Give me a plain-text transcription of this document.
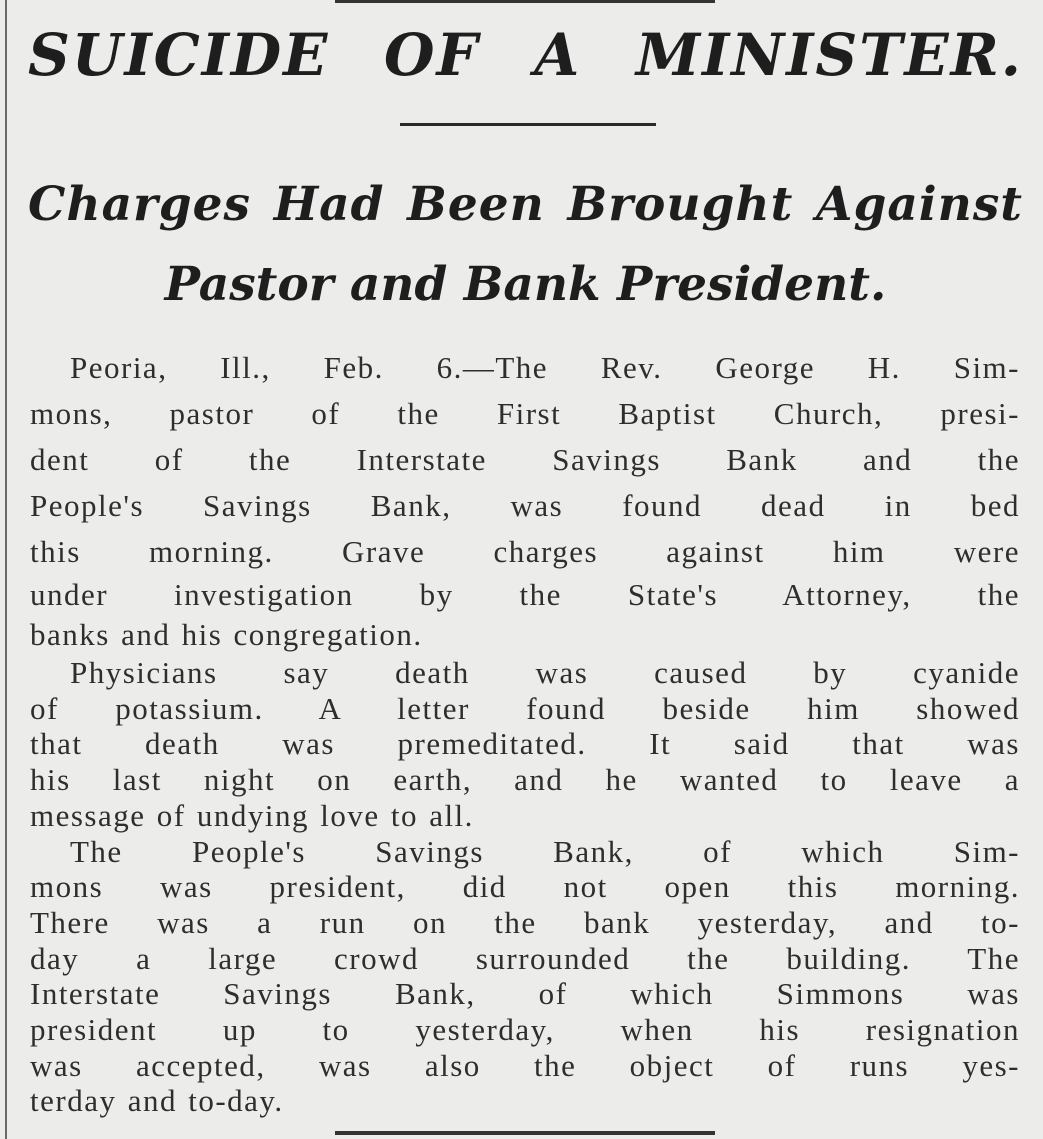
SUICIDE OF A MINISTER.
Charges Had Been Brought Against
Pastor and Bank President.

Peoria, Ill., Feb. 6.—The Rev. George H. Sim-
mons, pastor of the First Baptist Church, presi-
dent of the Interstate Savings Bank and the
People's Savings Bank, was found dead in bed
this morning. Grave charges against him were
under investigation by the State's Attorney, the
banks and his congregation.

Physicians say death was caused by cyanide
of potassium. A letter found beside him showed
that death was premeditated. It said that was
his last night on earth, and he wanted to leave a
message of undying love to all.

The People's Savings Bank, of which Sim-
mons was president, did not open this morning.
There was a run on the bank yesterday, and to-
day a large crowd surrounded the building. The
Interstate Savings Bank, of which Simmons was
president up to yesterday, when his resignation
was accepted, was also the object of runs yes-
terday and to-day.
